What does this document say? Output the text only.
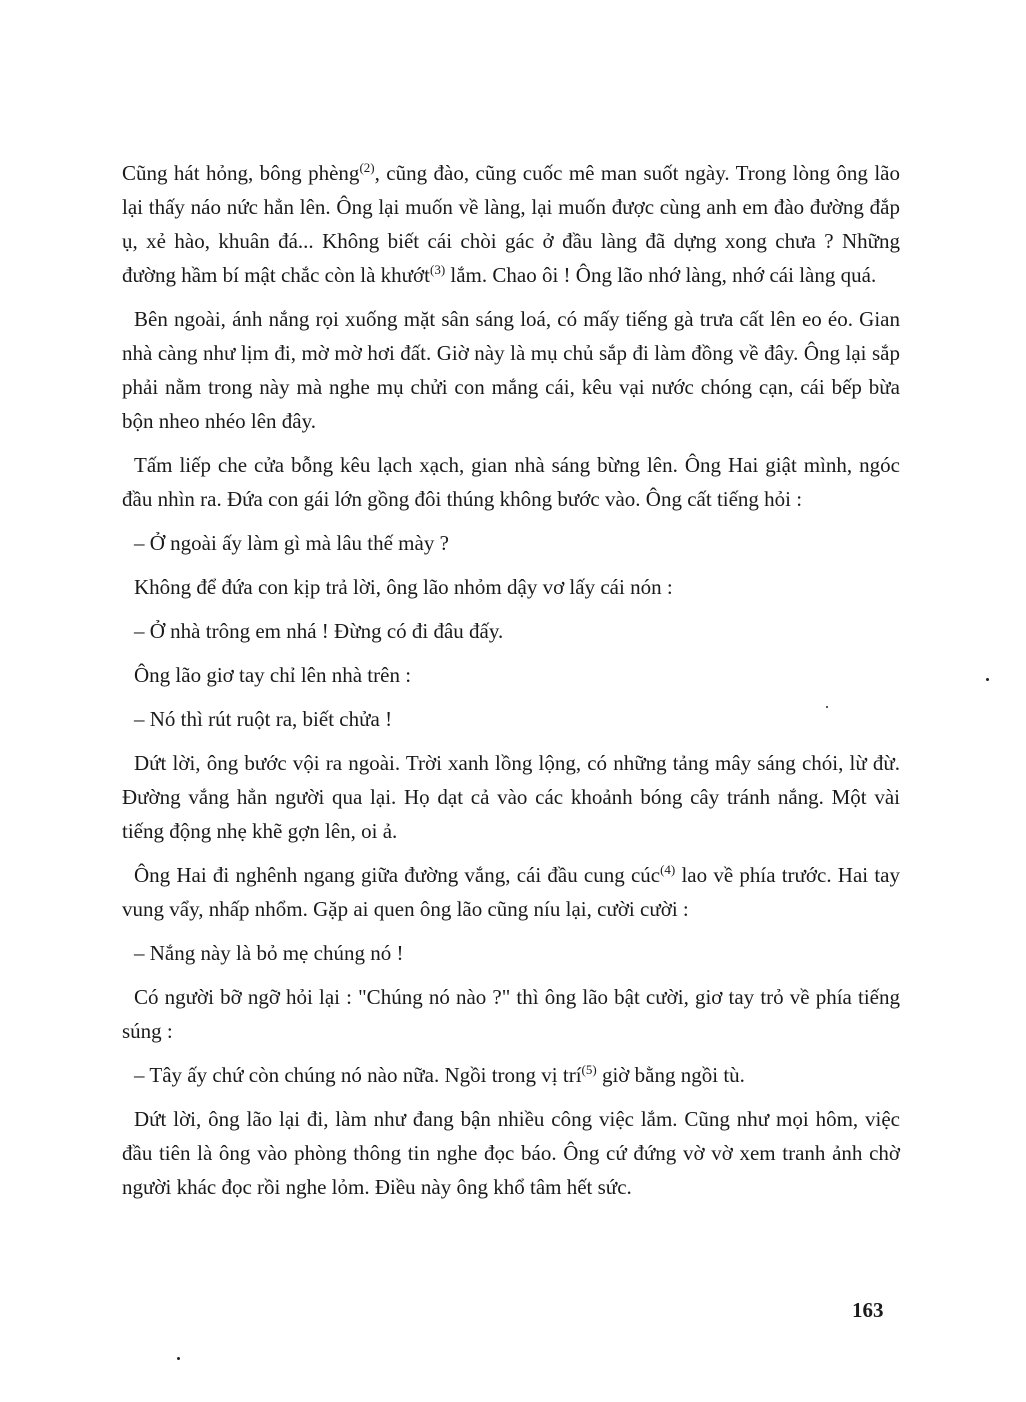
Cũng hát hỏng, bông phèng$^{(2)}$, cũng đào, cũng cuốc mê man suốt ngày. Trong lòng ông lão lại thấy náo nức hẳn lên. Ông lại muốn về làng, lại muốn được cùng anh em đào đường đắp ụ, xẻ hào, khuân đá... Không biết cái chòi gác ở đầu làng đã dựng xong chưa ? Những đường hầm bí mật chắc còn là khướt$^{(3)}$ lắm. Chao ôi ! Ông lão nhớ làng, nhớ cái làng quá.

Bên ngoài, ánh nắng rọi xuống mặt sân sáng loá, có mấy tiếng gà trưa cất lên eo éo. Gian nhà càng như lịm đi, mờ mờ hơi đất. Giờ này là mụ chủ sắp đi làm đồng về đây. Ông lại sắp phải nằm trong này mà nghe mụ chửi con mắng cái, kêu vại nước chóng cạn, cái bếp bừa bộn nheo nhéo lên đây.

Tấm liếp che cửa bỗng kêu lạch xạch, gian nhà sáng bừng lên. Ông Hai giật mình, ngóc đầu nhìn ra. Đứa con gái lớn gồng đôi thúng không bước vào. Ông cất tiếng hỏi :

– Ở ngoài ấy làm gì mà lâu thế mày ?

Không để đứa con kịp trả lời, ông lão nhỏm dậy vơ lấy cái nón :

– Ở nhà trông em nhá ! Đừng có đi đâu đấy.

Ông lão giơ tay chỉ lên nhà trên :

– Nó thì rút ruột ra, biết chửa !

Dứt lời, ông bước vội ra ngoài. Trời xanh lồng lộng, có những tảng mây sáng chói, lừ đừ. Đường vắng hẳn người qua lại. Họ dạt cả vào các khoảnh bóng cây tránh nắng. Một vài tiếng động nhẹ khẽ gợn lên, oi ả.

Ông Hai đi nghênh ngang giữa đường vắng, cái đầu cung cúc$^{(4)}$ lao về phía trước. Hai tay vung vẩy, nhấp nhổm. Gặp ai quen ông lão cũng níu lại, cười cười :

– Nắng này là bỏ mẹ chúng nó !

Có người bỡ ngỡ hỏi lại : "Chúng nó nào ?" thì ông lão bật cười, giơ tay trỏ về phía tiếng súng :

– Tây ấy chứ còn chúng nó nào nữa. Ngồi trong vị trí$^{(5)}$ giờ bằng ngồi tù.

Dứt lời, ông lão lại đi, làm như đang bận nhiều công việc lắm. Cũng như mọi hôm, việc đầu tiên là ông vào phòng thông tin nghe đọc báo. Ông cứ đứng vờ vờ xem tranh ảnh chờ người khác đọc rồi nghe lỏm. Điều này ông khổ tâm hết sức.

163
